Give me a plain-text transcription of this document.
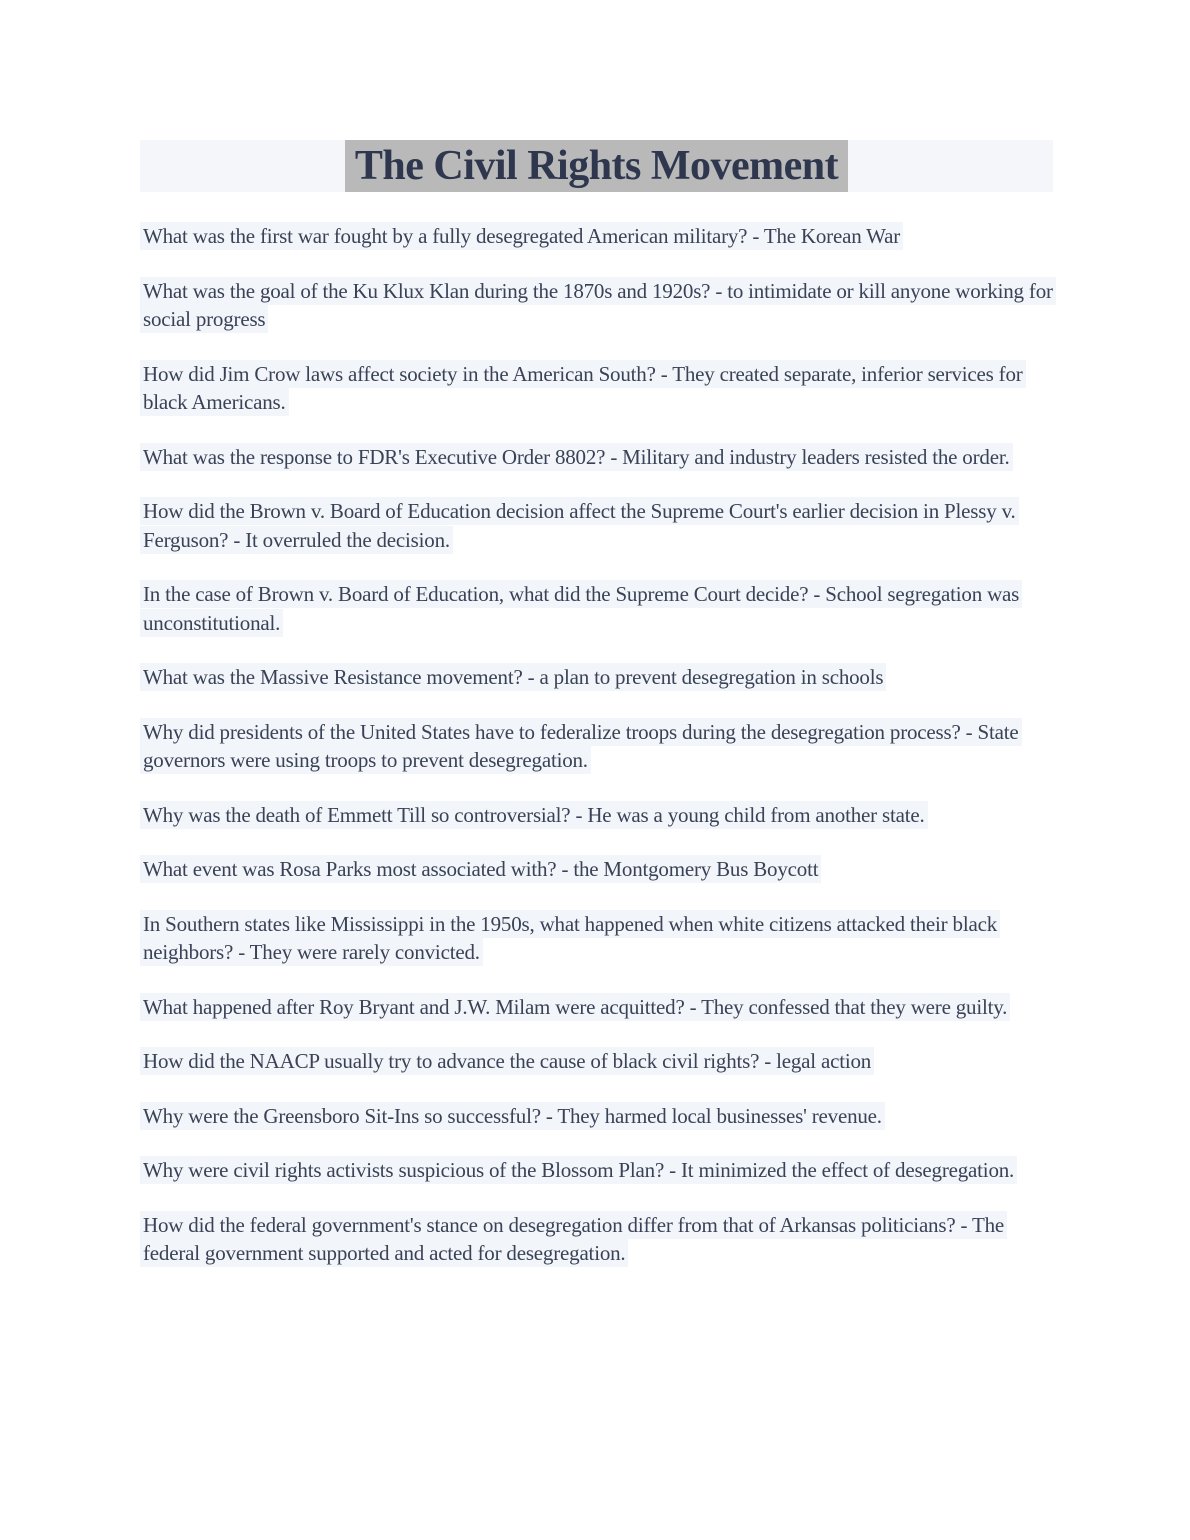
The Civil Rights Movement

What was the first war fought by a fully desegregated American military? - The Korean War

What was the goal of the Ku Klux Klan during the 1870s and 1920s? - to intimidate or kill anyone working for social progress

How did Jim Crow laws affect society in the American South? - They created separate, inferior services for black Americans.

What was the response to FDR's Executive Order 8802? - Military and industry leaders resisted the order.

How did the Brown v. Board of Education decision affect the Supreme Court's earlier decision in Plessy v. Ferguson? - It overruled the decision.

In the case of Brown v. Board of Education, what did the Supreme Court decide? - School segregation was unconstitutional.

What was the Massive Resistance movement? - a plan to prevent desegregation in schools

Why did presidents of the United States have to federalize troops during the desegregation process? - State governors were using troops to prevent desegregation.

Why was the death of Emmett Till so controversial? - He was a young child from another state.

What event was Rosa Parks most associated with? - the Montgomery Bus Boycott

In Southern states like Mississippi in the 1950s, what happened when white citizens attacked their black neighbors? - They were rarely convicted.

What happened after Roy Bryant and J.W. Milam were acquitted? - They confessed that they were guilty.

How did the NAACP usually try to advance the cause of black civil rights? - legal action

Why were the Greensboro Sit-Ins so successful? - They harmed local businesses' revenue.

Why were civil rights activists suspicious of the Blossom Plan? - It minimized the effect of desegregation.

How did the federal government's stance on desegregation differ from that of Arkansas politicians? - The federal government supported and acted for desegregation.
